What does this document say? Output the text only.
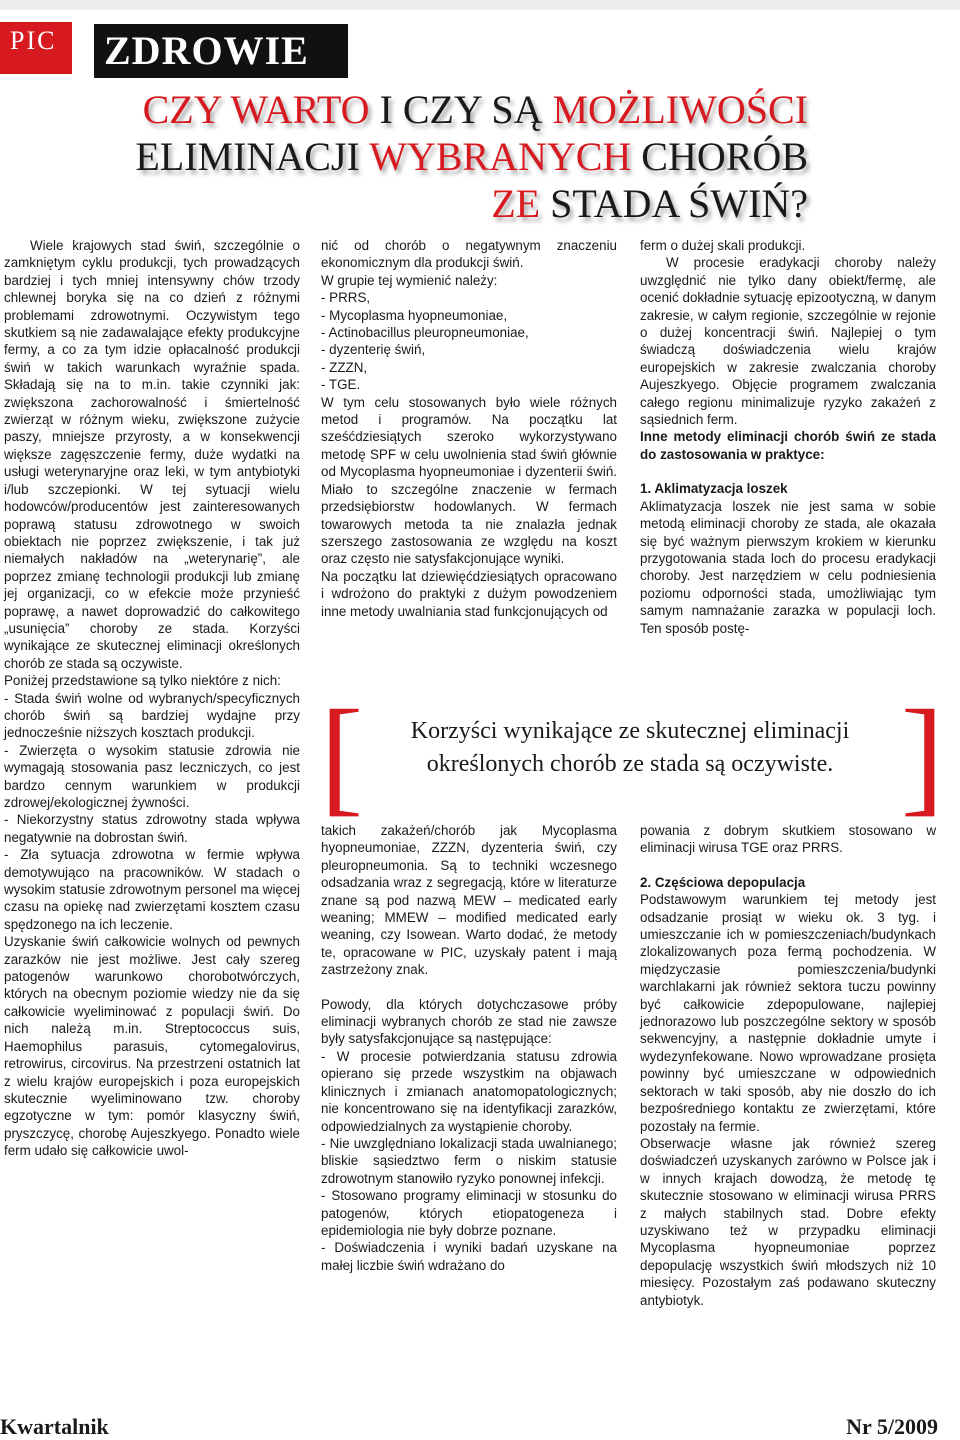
PIC	ZDROWIE
CZY WARTO I CZY SĄ MOŻLIWOŚCI
ELIMINACJI WYBRANYCH CHORÓB
ZE STADA ŚWIŃ?

Wiele krajowych stad świń, szczególnie o zamkniętym cyklu produkcji, tych prowadzących bardziej i tych mniej intensywny chów trzody chlewnej boryka się na co dzień z różnymi problemami zdrowotnymi. Oczywistym tego skutkiem są nie zadawalające efekty produkcyjne fermy, a co za tym idzie opłacalność produkcji świń w takich warunkach wyraźnie spada. Składają się na to m.in. takie czynniki jak: zwiększona zachorowalność i śmiertelność zwierząt w różnym wieku, zwiększone zużycie paszy, mniejsze przyrosty, a w konsekwencji większe zagęszczenie fermy, duże wydatki na usługi weterynaryjne oraz leki, w tym antybiotyki i/lub szczepionki. W tej sytuacji wielu hodowców/producentów jest zainteresowanych poprawą statusu zdrowotnego w swoich obiektach nie poprzez zwiększenie, i tak już niemałych nakładów na „weterynarię”, ale poprzez zmianę technologii produkcji lub zmianę jej organizacji, co w efekcie może przynieść poprawę, a nawet doprowadzić do całkowitego „usunięcia” choroby ze stada. Korzyści wynikające ze skutecznej eliminacji określonych chorób ze stada są oczywiste.

Poniżej przedstawione są tylko niektóre z nich:

- Stada świń wolne od wybranych/specyficznych chorób świń są bardziej wydajne przy jednocześnie niższych kosztach produkcji.

- Zwierzęta o wysokim statusie zdrowia nie wymagają stosowania pasz leczniczych, co jest bardzo cennym warunkiem w produkcji zdrowej/ekologicznej żywności.

- Niekorzystny status zdrowotny stada wpływa negatywnie na dobrostan świń.

- Zła sytuacja zdrowotna w fermie wpływa demotywująco na pracowników. W stadach o wysokim statusie zdrowotnym personel ma więcej czasu na opiekę nad zwierzętami kosztem czasu spędzonego na ich leczenie.

Uzyskanie świń całkowicie wolnych od pewnych zarazków nie jest możliwe. Jest cały szereg patogenów warunkowo chorobotwórczych, których na obecnym poziomie wiedzy nie da się całkowicie wyeliminować z populacji świń. Do nich należą m.in. Streptococcus suis, Haemophilus parasuis, cytomegalovirus, retrowirus, circovirus. Na przestrzeni ostatnich lat z wielu krajów europejskich i poza europejskich skutecznie wyeliminowano tzw. choroby egzotyczne w tym: pomór klasyczny świń, pryszczycę, chorobę Aujeszkyego. Ponadto wiele ferm udało się całkowicie uwol-

nić od chorób o negatywnym znaczeniu ekonomicznym dla produkcji świń.

W grupie tej wymienić należy:

- PRRS,

- Mycoplasma hyopneumoniae,

- Actinobacillus pleuropneumoniae,

- dyzenterię świń,

- ZZZN,

- TGE.

W tym celu stosowanych było wiele różnych metod i programów. Na początku lat sześćdziesiątych szeroko wykorzystywano metodę SPF w celu uwolnienia stad świń głównie od Mycoplasma hyopneumoniae i dyzenterii świń. Miało to szczególne znaczenie w fermach przedsiębiorstw hodowlanych. W fermach towarowych metoda ta nie znalazła jednak szerszego zastosowania ze względu na koszt oraz często nie satysfakcjonujące wyniki.

Na początku lat dziewięćdziesiątych opracowano i wdrożono do praktyki z dużym powodzeniem inne metody uwalniania stad funkcjonujących od

ferm o dużej skali produkcji.

W procesie eradykacji choroby należy uwzględnić nie tylko dany obiekt/fermę, ale ocenić dokładnie sytuację epizootyczną, w danym zakresie, w całym regionie, szczególnie w rejonie o dużej koncentracji świń. Najlepiej o tym świadczą doświadczenia wielu krajów europejskich w zakresie zwalczania choroby Aujeszkyego. Objęcie programem zwalczania całego regionu minimalizuje ryzyko zakażeń z sąsiednich ferm.

Inne metody eliminacji chorób świń ze stada do zastosowania w praktyce:
1. Aklimatyzacja loszek

Aklimatyzacja loszek nie jest sama w sobie metodą eliminacji choroby ze stada, ale okazała się być ważnym pierwszym krokiem w kierunku przygotowania stada loch do procesu eradykacji choroby. Jest narzędziem w celu podniesienia poziomu odporności stada, umożliwiając tym samym namnażanie zarazka w populacji loch. Ten sposób postę-

[	Korzyści wynikające ze skutecznej eliminacji
określonych chorób ze stada są oczywiste. ]

takich zakażeń/chorób jak Mycoplasma hyopneumoniae, ZZZN, dyzenteria świń, czy pleuropneumonia. Są to techniki wczesnego odsadzania wraz z segregacją, które w literaturze znane są pod nazwą MEW – medicated early weaning; MMEW – modified medicated early weaning, czy Isowean. Warto dodać, że metody te, opracowane w PIC, uzyskały patent i mają zastrzeżony znak.

Powody, dla których dotychczasowe próby eliminacji wybranych chorób ze stad nie zawsze były satysfakcjonujące są następujące:

- W procesie potwierdzania statusu zdrowia opierano się przede wszystkim na objawach klinicznych i zmianach anatomopatologicznych; nie koncentrowano się na identyfikacji zarazków, odpowiedzialnych za wystąpienie choroby.

- Nie uwzględniano lokalizacji stada uwalnianego; bliskie sąsiedztwo ferm o niskim statusie zdrowotnym stanowiło ryzyko ponownej infekcji.

- Stosowano programy eliminacji w stosunku do patogenów, których etiopatogeneza i epidemiologia nie były dobrze poznane.

- Doświadczenia i wyniki badań uzyskane na małej liczbie świń wdrażano do

powania z dobrym skutkiem stosowano w eliminacji wirusa TGE oraz PRRS.

2. Częściowa depopulacja

Podstawowym warunkiem tej metody jest odsadzanie prosiąt w wieku ok. 3 tyg. i umieszczanie ich w pomieszczeniach/budynkach zlokalizowanych poza fermą pochodzenia. W międzyczasie pomieszczenia/budynki warchlakarni jak również sektora tuczu powinny być całkowicie zdepopulowane, najlepiej jednorazowo lub poszczególne sektory w sposób sekwencyjny, a następnie dokładnie umyte i wydezynfekowane. Nowo wprowadzane prosięta powinny być umieszczane w odpowiednich sektorach w taki sposób, aby nie doszło do ich bezpośredniego kontaktu ze zwierzętami, które pozostały na fermie.

Obserwacje własne jak również szereg doświadczeń uzyskanych zarówno w Polsce jak i w innych krajach dowodzą, że metodę tę skutecznie stosowano w eliminacji wirusa PRRS z małych stabilnych stad. Dobre efekty uzyskiwano też w przypadku eliminacji Mycoplasma hyopneumoniae poprzez depopulację wszystkich świń młodszych niż 10 miesięcy. Pozostałym zaś podawano skuteczny antybiotyk.

Kwartalnik	Nr 5/2009
